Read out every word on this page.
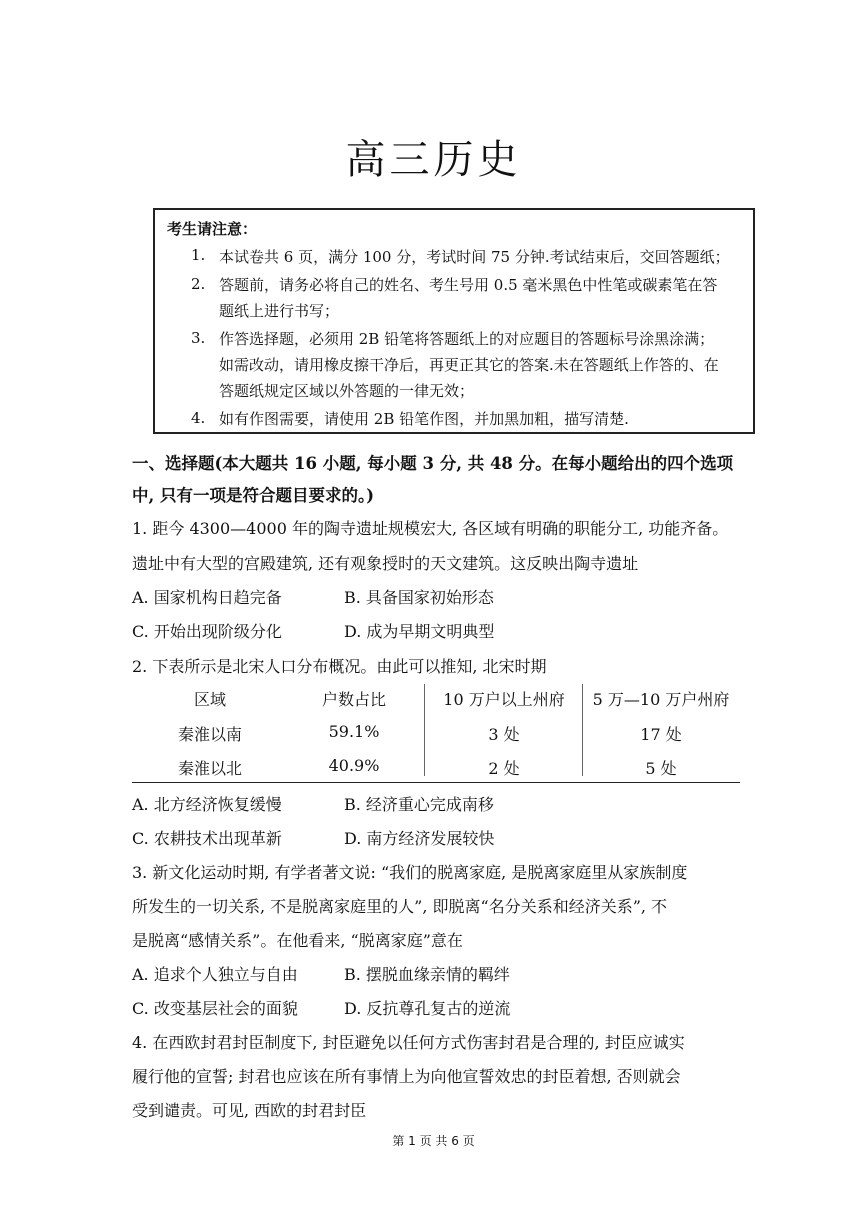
高三历史
考生请注意：
1. 本试卷共 6 页，满分 100 分，考试时间 75 分钟.考试结束后，交回答题纸；
2. 答题前，请务必将自己的姓名、考生号用 0.5 毫米黑色中性笔或碳素笔在答
题纸上进行书写；
3. 作答选择题，必须用 2B 铅笔将答题纸上的对应题目的答题标号涂黑涂满；
如需改动，请用橡皮擦干净后，再更正其它的答案.未在答题纸上作答的、在
答题纸规定区域以外答题的一律无效；
4. 如有作图需要，请使用 2B 铅笔作图，并加黑加粗，描写清楚.
一、选择题(本大题共 16 小题, 每小题 3 分, 共 48 分。在每小题给出的四个选项
中, 只有一项是符合题目要求的。)
1. 距今 4300—4000 年的陶寺遗址规模宏大, 各区域有明确的职能分工, 功能齐备。
遗址中有大型的宫殿建筑, 还有观象授时的天文建筑。这反映出陶寺遗址
A. 国家机构日趋完备	B. 具备国家初始形态
C. 开始出现阶级分化	D. 成为早期文明典型
2. 下表所示是北宋人口分布概况。由此可以推知, 北宋时期
区域	户数占比	10 万户以上州府	5 万—10 万户州府
秦淮以南	59.1%	3 处	17 处
秦淮以北	40.9%	2 处	5 处
A. 北方经济恢复缓慢	B. 经济重心完成南移
C. 农耕技术出现革新	D. 南方经济发展较快
3. 新文化运动时期, 有学者著文说: “我们的脱离家庭, 是脱离家庭里从家族制度
所发生的一切关系, 不是脱离家庭里的人”, 即脱离“名分关系和经济关系”, 不
是脱离“感情关系”。在他看来, “脱离家庭”意在
A. 追求个人独立与自由	B. 摆脱血缘亲情的羁绊
C. 改变基层社会的面貌	D. 反抗尊孔复古的逆流
4. 在西欧封君封臣制度下, 封臣避免以任何方式伤害封君是合理的, 封臣应诚实
履行他的宣誓; 封君也应该在所有事情上为向他宣誓效忠的封臣着想, 否则就会
受到谴责。可见, 西欧的封君封臣
第 1 页 共 6 页
